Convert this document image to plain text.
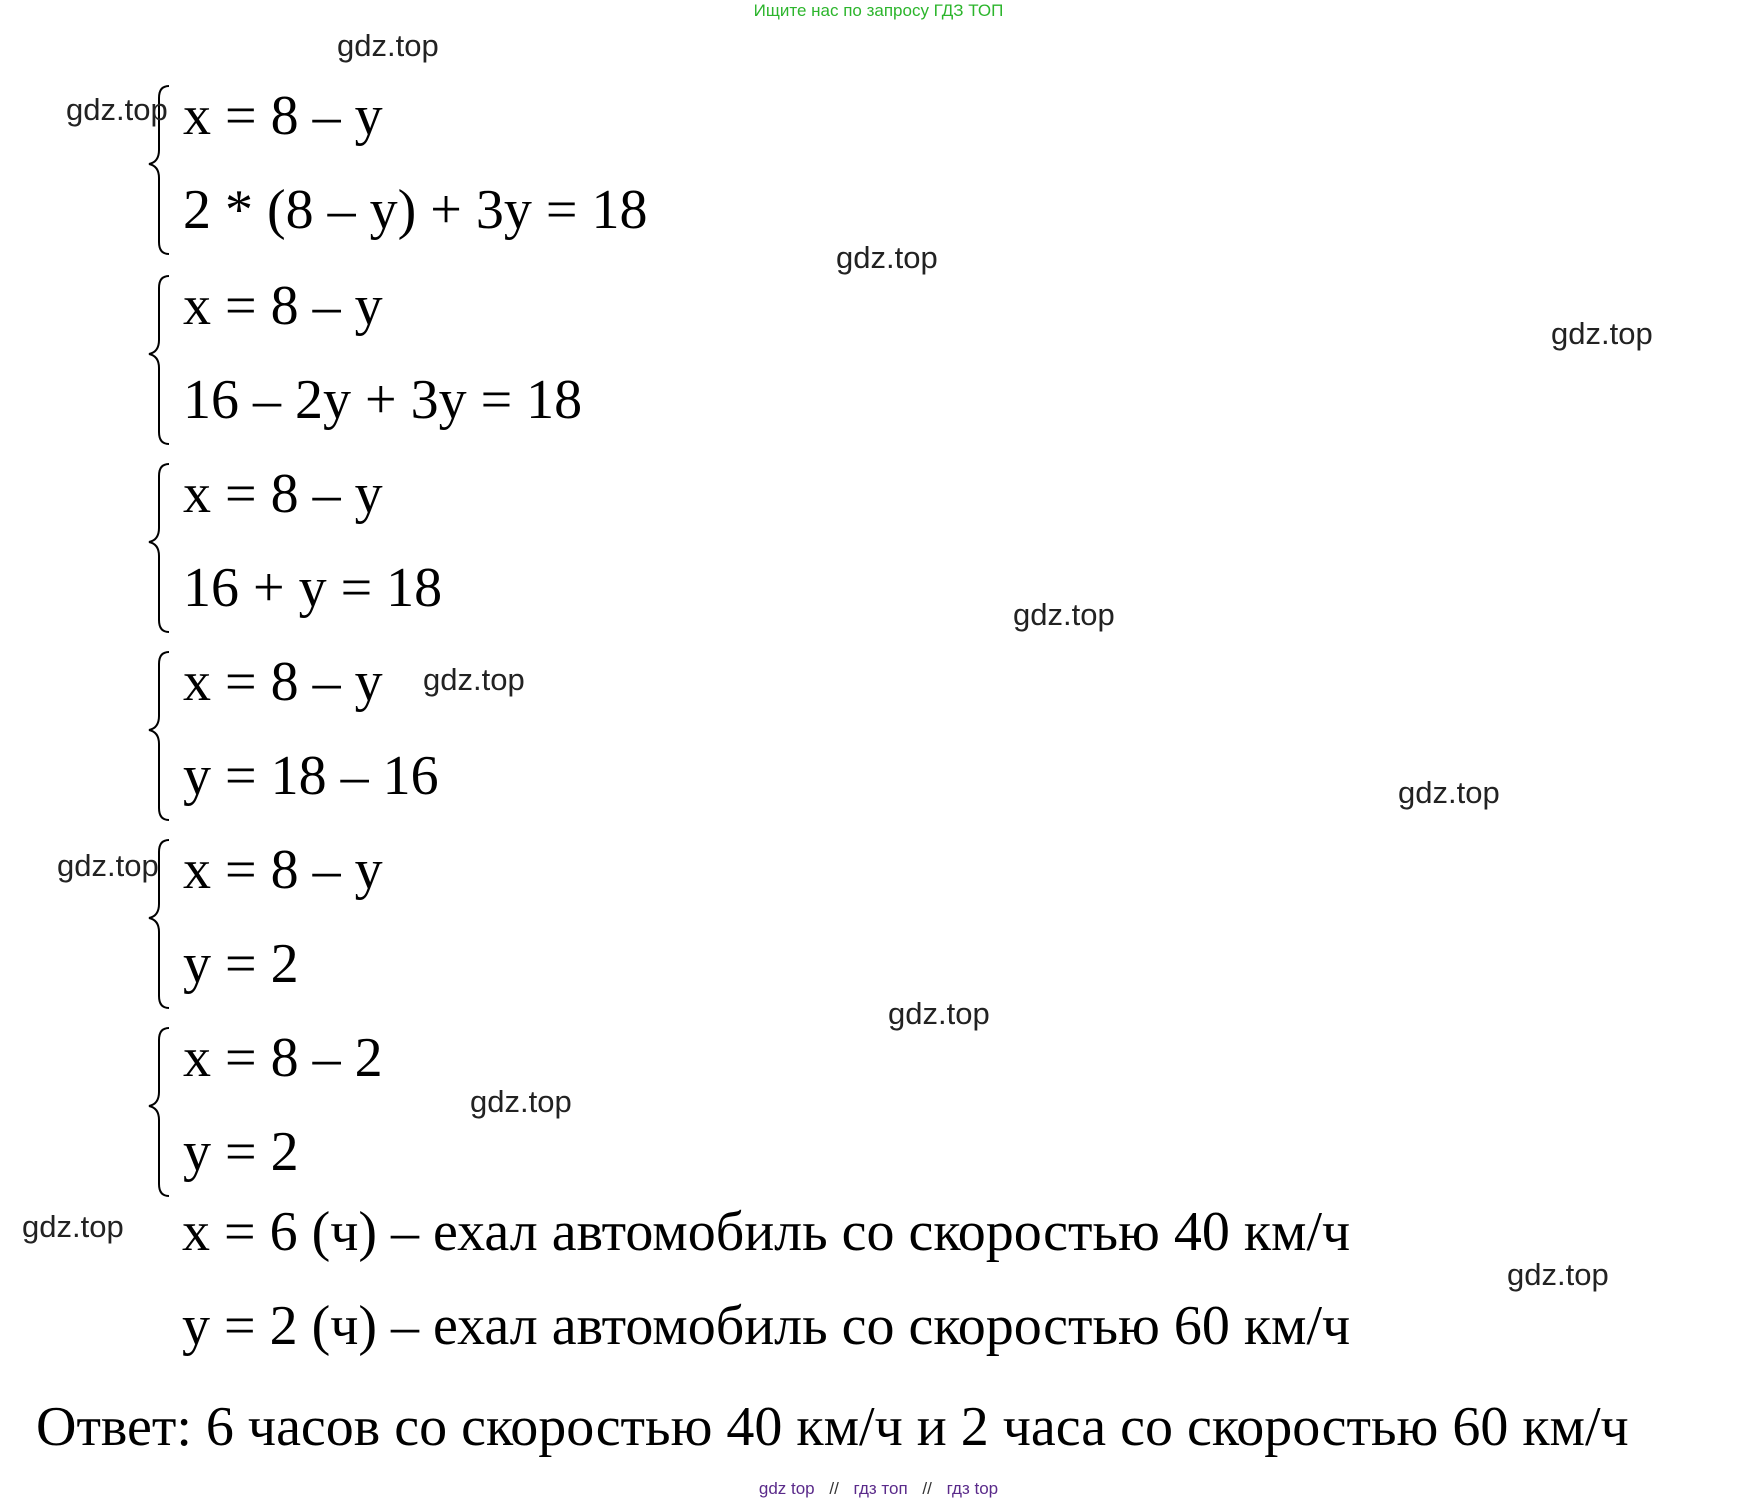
Ищите нас по запросу ГДЗ ТОП
x = 8 – y
2 * (8 – y) + 3y = 18
x = 8 – y
16 – 2y + 3y = 18
x = 8 – y
16 + y = 18
x = 8 – y
y = 18 – 16
x = 8 – y
y = 2
x = 8 – 2
y = 2
x = 6 (ч) – ехал автомобиль со скоростью 40 км/ч
y = 2 (ч) – ехал автомобиль со скоростью 60 км/ч
Ответ: 6 часов со скоростью 40 км/ч и 2 часа со скоростью 60 км/ч
gdz.top
gdz.top
gdz.top
gdz.top
gdz.top
gdz.top
gdz.top
gdz.top
gdz.top
gdz.top
gdz.top
gdz.top
gdz top // гдз топ // гдз top
